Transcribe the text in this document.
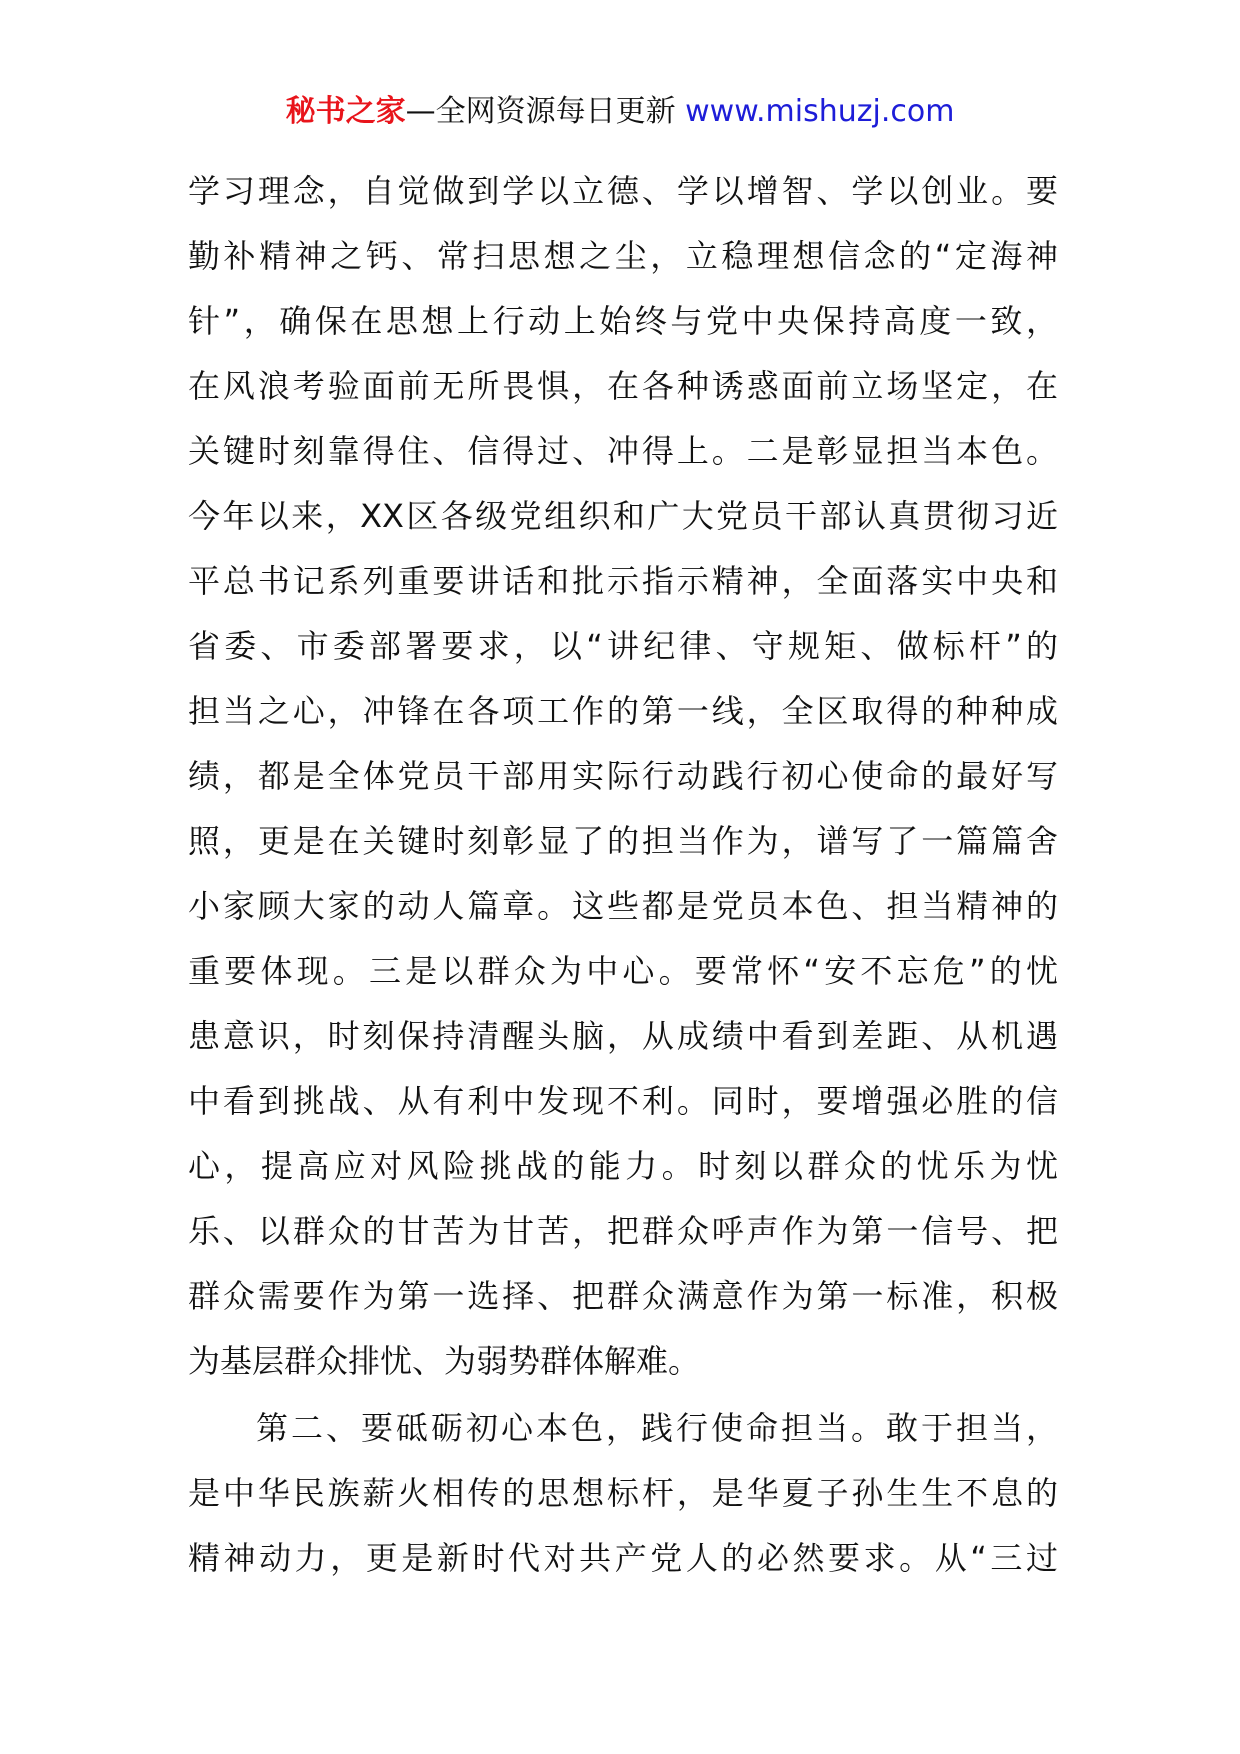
秘书之家—全网资源每日更新 www.mishuzj.com
学习理念，自觉做到学以立德、学以增智、学以创业。要
勤补精神之钙、常扫思想之尘，立稳理想信念的“定海神
针”，确保在思想上行动上始终与党中央保持高度一致，
在风浪考验面前无所畏惧，在各种诱惑面前立场坚定，在
关键时刻靠得住、信得过、冲得上。二是彰显担当本色。
今年以来，XX区各级党组织和广大党员干部认真贯彻习近
平总书记系列重要讲话和批示指示精神，全面落实中央和
省委、市委部署要求，以“讲纪律、守规矩、做标杆”的
担当之心，冲锋在各项工作的第一线，全区取得的种种成
绩，都是全体党员干部用实际行动践行初心使命的最好写
照，更是在关键时刻彰显了的担当作为，谱写了一篇篇舍
小家顾大家的动人篇章。这些都是党员本色、担当精神的
重要体现。三是以群众为中心。要常怀“安不忘危”的忧
患意识，时刻保持清醒头脑，从成绩中看到差距、从机遇
中看到挑战、从有利中发现不利。同时，要增强必胜的信
心，提高应对风险挑战的能力。时刻以群众的忧乐为忧
乐、以群众的甘苦为甘苦，把群众呼声作为第一信号、把
群众需要作为第一选择、把群众满意作为第一标准，积极
为基层群众排忧、为弱势群体解难。
第二、要砥砺初心本色，践行使命担当。敢于担当，
是中华民族薪火相传的思想标杆，是华夏子孙生生不息的
精神动力，更是新时代对共产党人的必然要求。从“三过
